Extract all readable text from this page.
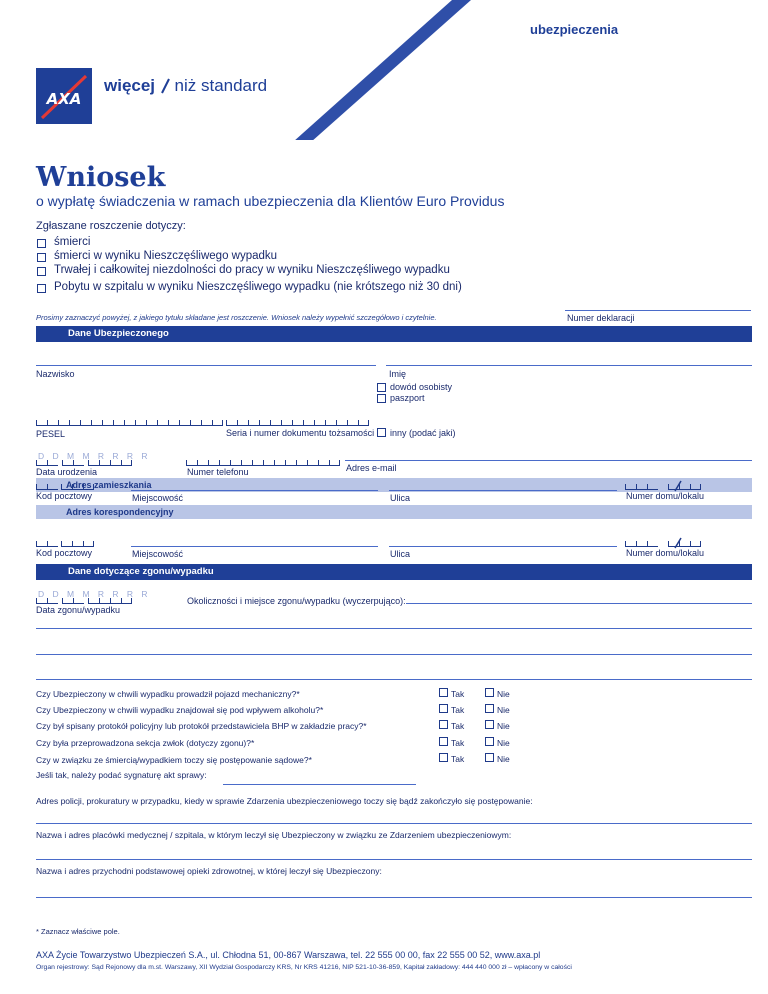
ubezpieczenia
AXA
więcej niż standard
Wniosek
o wypłatę świadczenia w ramach ubezpieczenia dla Klientów Euro Providus
Zgłaszane roszczenie dotyczy:
śmierci
śmierci w wyniku Nieszczęśliwego wypadku
Trwałej i całkowitej niezdolności do pracy w wyniku Nieszczęśliwego wypadku
Pobytu w szpitalu w wyniku Nieszczęśliwego wypadku (nie krótszego niż 30 dni)
Prosimy zaznaczyć powyżej, z jakiego tytułu składane jest roszczenie. Wniosek należy wypełnić szczegółowo i czytelnie.	Numer deklaracji
Dane Ubezpieczonego
Nazwisko	Imię
PESEL	Seria i numer dokumentu tożsamości
dowód osobisty
paszport
inny (podać jaki)
D D M M R R R R
Data urodzenia	Numer telefonu	Adres e-mail
Adres zamieszkania
Kod pocztowy	Miejscowość	Ulica	Numer domu/lokalu
Adres korespondencyjny
Kod pocztowy	Miejscowość	Ulica	Numer domu/lokalu
Dane dotyczące zgonu/wypadku
D D M M R R R R
Data zgonu/wypadku
Okoliczności i miejsce zgonu/wypadku (wyczerpująco):
Czy Ubezpieczony w chwili wypadku prowadził pojazd mechaniczny?*	Tak	Nie
Czy Ubezpieczony w chwili wypadku znajdował się pod wpływem alkoholu?*	Tak	Nie
Czy był spisany protokół policyjny lub protokół przedstawiciela BHP w zakładzie pracy?*	Tak	Nie
Czy była przeprowadzona sekcja zwłok (dotyczy zgonu)?*	Tak	Nie
Czy w związku ze śmiercią/wypadkiem toczy się postępowanie sądowe?*	Tak	Nie
Jeśli tak, należy podać sygnaturę akt sprawy:
Adres policji, prokuratury w przypadku, kiedy w sprawie Zdarzenia ubezpieczeniowego toczy się bądź zakończyło się postępowanie:
Nazwa i adres placówki medycznej / szpitala, w którym leczył się Ubezpieczony w związku ze Zdarzeniem ubezpieczeniowym:
Nazwa i adres przychodni podstawowej opieki zdrowotnej, w której leczył się Ubezpieczony:
* Zaznacz właściwe pole.
AXA Życie Towarzystwo Ubezpieczeń S.A., ul. Chłodna 51, 00-867 Warszawa, tel. 22 555 00 00, fax 22 555 00 52, www.axa.pl
Organ rejestrowy: Sąd Rejonowy dla m.st. Warszawy, XII Wydział Gospodarczy KRS, Nr KRS 41216, NIP 521-10-36-859, Kapitał zakładowy: 444 440 000 zł – wpłacony w całości
